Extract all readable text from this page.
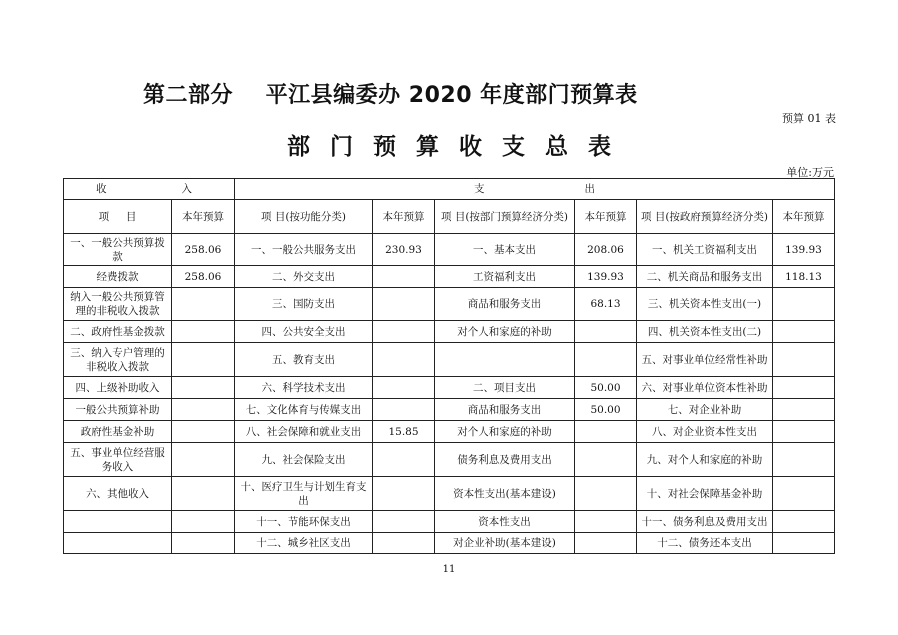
第二部分    平江县编委办 2020 年度部门预算表
预算 01 表
部门预算收支总表
单位:万元
收 入		支 出					

项     目	本年预算	项 目(按功能分类)	本年预算	项 目(按部门预算经济分类)	本年预算	项 目(按政府预算经济分类)	本年预算
一、一般公共预算拨款	258.06	一、一般公共服务支出	230.93	一、基本支出	208.06	一、机关工资福利支出	139.93
经费拨款	258.06	二、外交支出		工资福利支出	139.93	二、机关商品和服务支出	118.13
纳入一般公共预算管理的非税收入拨款		三、国防支出		商品和服务支出	68.13	三、机关资本性支出(一)	
二、政府性基金拨款		四、公共安全支出		对个人和家庭的补助		四、机关资本性支出(二)	
三、纳入专户管理的非税收入拨款		五、教育支出				五、对事业单位经常性补助	
四、上级补助收入		六、科学技术支出		二、项目支出	50.00	六、对事业单位资本性补助	
一般公共预算补助		七、文化体育与传媒支出		商品和服务支出	50.00	七、对企业补助	
政府性基金补助		八、社会保障和就业支出	15.85	对个人和家庭的补助		八、对企业资本性支出	
五、事业单位经营服务收入		九、社会保险支出		债务利息及费用支出		九、对个人和家庭的补助	
六、其他收入		十、医疗卫生与计划生育支出		资本性支出(基本建设)		十、对社会保障基金补助	
		十一、节能环保支出		资本性支出		十一、债务利息及费用支出	
		十二、城乡社区支出		对企业补助(基本建设)		十二、债务还本支出	
11
